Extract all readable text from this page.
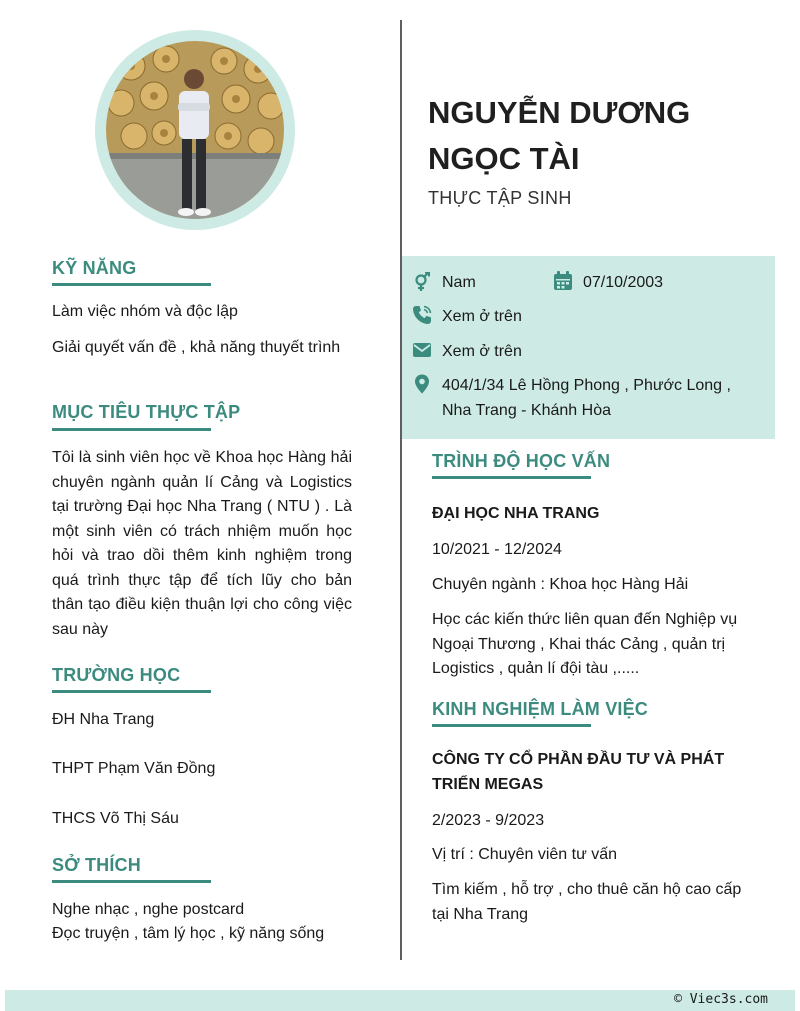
KỸ NĂNG
Làm việc nhóm và độc lập
Giải quyết vấn đề , khả năng thuyết trình
MỤC TIÊU THỰC TẬP
Tôi là sinh viên học về Khoa học Hàng hải chuyên ngành quản lí Cảng và Logistics tại trường Đại học Nha Trang ( NTU ) . Là một sinh viên có trách nhiệm muốn học hỏi và trao dồi thêm kinh nghiệm trong quá trình thực tập để tích lũy cho bản thân tạo điều kiện thuận lợi cho công việc sau này
TRƯỜNG HỌC
ĐH Nha Trang
THPT Phạm Văn Đồng
THCS Võ Thị Sáu
SỞ THÍCH
Nghe nhạc , nghe postcard
Đọc truyện , tâm lý học , kỹ năng sống
NGUYỄN DƯƠNG NGỌC TÀI
THỰC TẬP SINH
Nam	07/10/2003
Xem ở trên
Xem ở trên
404/1/34 Lê Hồng Phong , Phước Long , Nha Trang - Khánh Hòa
TRÌNH ĐỘ HỌC VẤN
ĐẠI HỌC NHA TRANG
10/2021 - 12/2024
Chuyên ngành : Khoa học Hàng Hải
Học các kiến thức liên quan đến Nghiệp vụ Ngoại Thương , Khai thác Cảng , quản trị Logistics , quản lí đội tàu ,.....
KINH NGHIỆM LÀM VIỆC
CÔNG TY CỔ PHẦN ĐẦU TƯ VÀ PHÁT TRIỂN MEGAS
2/2023 - 9/2023
Vị trí : Chuyên viên tư vấn
Tìm kiếm , hỗ trợ , cho thuê căn hộ cao cấp tại Nha Trang
© Viec3s.com
